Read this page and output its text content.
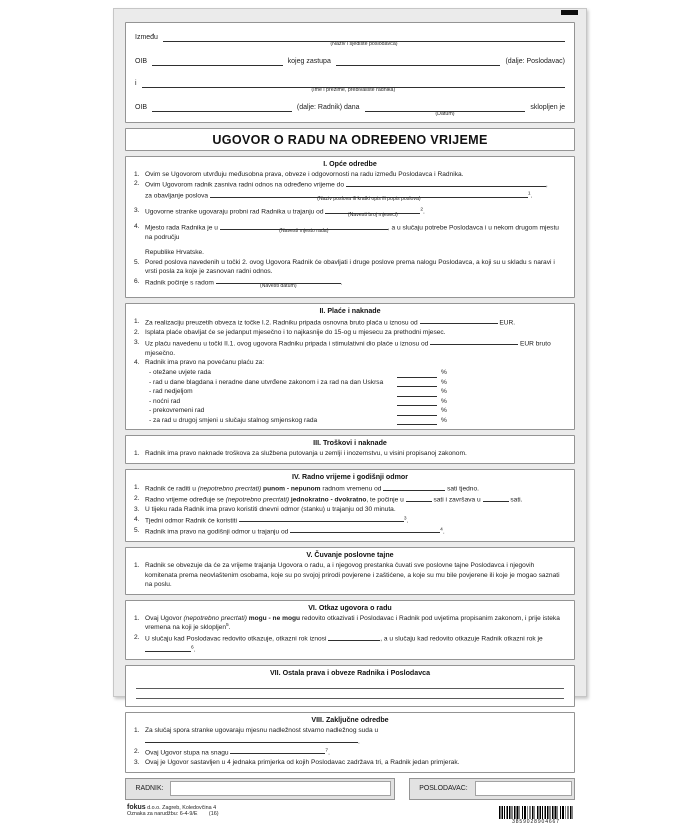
Između
(Naziv i sjedište poslodavca)
OIB	kojeg zastupa	(dalje: Poslodavac)
i
(Ime i prezime, prebivalište radnika)
OIB	(dalje: Radnik) dana
(Datum)
sklopljen je
UGOVOR O RADU NA ODREĐENO VRIJEME
I. Opće odredbe
1. Ovim se Ugovorom utvrđuju međusobna prava, obveze i odgovornosti na radu između Poslodavca i Radnika.
2. Ovim Ugovorom radnik zasniva radni odnos na određeno vrijeme do	,
za obavljanje poslova	(Naziv poslova ili kratki opis ili popis poslova)
$^1$.
3. Ugovorne stranke ugovaraju probni rad Radnika u trajanju od	(Navesti broj mjeseci)
$^2$.
4. Mjesto rada Radnika je u	(Navesti mjesto rada)	, a u slučaju potrebe Poslodavca i u nekom drugom mjestu na području
Republike Hrvatske.
5. Pored poslova navedenih u točki 2. ovog Ugovora Radnik će obavljati i druge poslove prema nalogu Poslodavca, a koji su u skladu s naravi i vrsti posla za koje je zasnovan radni odnos.
6. Radnik počinje s radom	(Navesti datum)	.
II. Plaće i naknade
1. Za realizaciju preuzetih obveza iz točke I.2. Radniku pripada osnovna bruto plaća u iznosu od	EUR.
2. Isplata plaće obavljat će se jedanput mjesečno i to najkasnije do 15-og u mjesecu za prethodni mjesec.
3. Uz plaću navedenu u točki II.1. ovog ugovora Radniku pripada i stimulativni dio plaće u iznosu od	EUR bruto mjesečno.
4. Radnik ima pravo na povećanu plaću za:
- otežane uvjete rada	%
- rad u dane blagdana i neradne dane utvrđene zakonom i za rad na dan Uskrsa	%
- rad nedjeljom	%
- noćni rad	%
- prekovremeni rad	%
- za rad u drugoj smjeni u slučaju stalnog smjenskog rada	%
III. Troškovi i naknade
1. Radnik ima pravo naknade troškova za službena putovanja u zemlji i inozemstvu, u visini propisanoj zakonom.
IV. Radno vrijeme i godišnji odmor
1. Radnik će raditi u (nepotrebno precrtati) punom - nepunom radnom vremenu od	sati tjedno.
2. Radno vrijeme određuje se (nepotrebno precrtati) jednokratno - dvokratno, te počinje u	sati i završava u	sati.
3. U tijeku rada Radnik ima pravo koristiti dnevni odmor (stanku) u trajanju od 30 minuta.
4. Tjedni odmor Radnik će koristiti	$^3$.
5. Radnik ima pravo na godišnji odmor u trajanju od	$^4$.
V. Čuvanje poslovne tajne
1. Radnik se obvezuje da će za vrijeme trajanja Ugovora o radu, a i njegovog prestanka čuvati sve poslovne tajne Poslodavca i njegovih komitenata prema neovlaštenim osobama, koje su po svojoj prirodi povjerene i zaštićene, a koje su mu bile povjerene ili koje je mogao saznati na poslu.
VI. Otkaz ugovora o radu
1. Ovaj Ugovor (nepotrebno precrtati) mogu - ne mogu redovito otkazivati i Poslodavac i Radnik pod uvjetima propisanim zakonom, i prije isteka vremena na koji je sklopljen$^5$.
2. U slučaju kad Poslodavac redovito otkazuje, otkazni rok iznosi	, a u slučaju kad redovito otkazuje Radnik otkazni rok je $^6$.
VII. Ostala prava i obveze Radnika i Poslodavca
VIII. Zaključne odredbe
1. Za slučaj spora stranke ugovaraju mjesnu nadležnost stvarno nadležnog suda u .
2. Ovaj Ugovor stupa na snagu	$^7$.
3. Ovaj je Ugovor sastavljen u 4 jednaka primjerka od kojih Poslodavac zadržava tri, a Radnik jedan primjerak.
RADNIK:	POSLODAVAC:
fokus d.o.o. Zagreb, Koledovčina 4
Oznaka za narudžbu: 6-4-9/E (16)
3859028904667
